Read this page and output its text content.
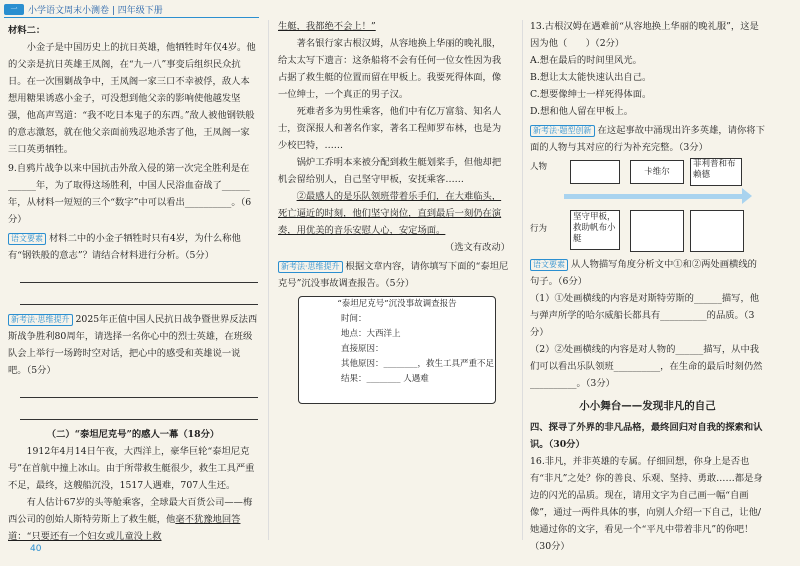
一	小学语文周末小测卷 | 四年级下册

材料二：

小金子是中国历史上的抗日英雄，他牺牲时年仅4岁。他的父亲是抗日英雄王凤阁，在“九一八”事变后组织民众抗日。在一次围剿战争中，王凤阁一家三口不幸被俘，敌人本想用糖果诱惑小金子，可没想到他父亲的影响使他越发坚强，他高声骂道：“我不吃日本鬼子的东西。”敌人被他钢铁般的意志激怒，就在他父亲面前残忍地杀害了他，王凤阁一家三口英勇牺牲。

9.自鸦片战争以来中国抗击外敌入侵的第一次完全胜利是在______年，为了取得这场胜利，中国人民浴血奋战了______年，从材料一短短的三个“数字”中可以看出__________。（6分）

语文要素 材料二中的小金子牺牲时只有4岁，为什么称他有“钢铁般的意志”？请结合材料进行分析。（5分）

新考法·思维提升 2025年正值中国人民抗日战争暨世界反法西斯战争胜利80周年，请选择一名你心中的烈士英雄，在班级队会上举行一场跨时空对话，把心中的感受和英雄说一说吧。（5分）

（二）“泰坦尼克号”的感人一幕（18分）

1912年4月14日午夜，大西洋上，豪华巨轮“泰坦尼克号”在首航中撞上冰山。由于所带救生艇很少，救生工具严重不足，最终，这艘船沉没，1517人遇难，707人生还。

有人估计67岁的头等舱乘客，全球最大百货公司——梅西公司的创始人斯特劳斯上了救生艇，他毫不犹豫地回答道：“只要还有一个妇女或儿童没上救

生艇，我都绝不会上！”

著名银行家古根汉姆，从容地换上华丽的晚礼服，给太太写下遗言：这条船将不会有任何一位女性因为我占据了救生艇的位置而留在甲板上。我要死得体面，像一位绅士，一个真正的男子汉。

死难者多为男性乘客，他们中有亿万富翁、知名人士，资深报人和著名作家，著名工程师罗布林，也是为少校巴特，……

锅炉工乔明本来被分配到救生艇划桨手，但他却把机会留给别人，自己坚守甲板，安抚乘客……

②最感人的是乐队领班带着乐手们，在大难临头，死亡逼近的时刻，他们坚守岗位，直到最后一刻仍在演奏，用优美的音乐安慰人心，安定场面。

（选文有改动）

新考法·思维提升 根据文章内容，请你填写下面的“泰坦尼克号”沉没事故调查报告。（5分）

“泰坦尼克号”沉没事故调查报告
时间：
地点：大西洋上
直接原因：
其他原因：________，救生工具严重不足
结果：________ 人遇难

13.古根汉姆在遇难前“从容地换上华丽的晚礼服”，这是因为他（　　）（2分）

A.想在最后的时间里风光。

B.想让太太能快速认出自己。

C.想要像绅士一样死得体面。

D.想和他人留在甲板上。

新考法·题型创新 在这起事故中涌现出许多英雄，请你将下面的人物与其对应的行为补充完整。（3分）

人物
行为
卡维尔
菲利普和布赖德
坚守甲板，救助帆布小艇

语文要素 从人物描写角度分析文中①和②两处画横线的句子。（6分）

（1）①处画横线的内容是对斯特劳斯的______描写，他与弹声所学的哈尔威船长都具有__________的品质。（3分）

（2）②处画横线的内容是对人物的______描写，从中我们可以看出乐队领班__________，在生命的最后时刻仍然__________。（3分）

小小舞台——发现非凡的自己

四、探寻了外界的非凡品格，最终回归对自我的探索和认识。（30分）

16.非凡，并非英雄的专属。仔细回想，你身上是否也有“非凡”之处？你的善良、乐观、坚持、勇敢……都是身边的闪光的品质。现在，请用文字为自己画一幅“自画像”，通过一两件具体的事，向别人介绍一下自己，让他/她通过你的文字，看见一个“平凡中带着非凡”的你吧！（30分）

40
